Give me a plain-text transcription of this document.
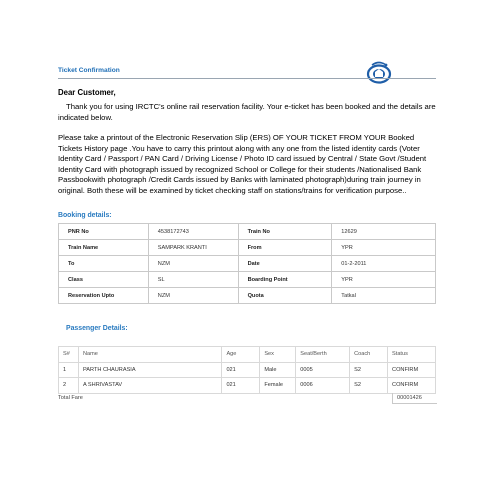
Ticket Confirmation
Dear Customer,

Thank you for using IRCTC's online rail reservation facility. Your e-ticket has been booked and the details are indicated below.

Please take a printout of the Electronic Reservation Slip (ERS) OF YOUR TICKET FROM YOUR Booked Tickets History page .You have to carry this printout along with any one from the listed identity cards (Voter Identity Card / Passport / PAN Card / Driving License / Photo ID card issued by Central / State Govt /Student Identity Card with photograph issued by recognized School or College for their students /Nationalised Bank Passbookwith photograph /Credit Cards issued by Banks with laminated photograph)during train journey in original. Both these will be examined by ticket checking staff on stations/trains for verification purpose..

Booking details:
PNR No	4538172743	Train No	12629
Train Name	SAMPARK KRANTI	From	YPR
To	NZM	Date	01-2-2011
Class	SL	Boarding Point	YPR
Reservation Upto	NZM	Quota	Tatkal
Passenger Details:
S#	Name	Age	Sex	Seat/Berth	Coach	Status
1	PARTH CHAURASIA	021	Male	0005	S2	CONFIRM
2	A SHRIVASTAV	021	Female	0006	S2	CONFIRM
Total Fare	00001426
